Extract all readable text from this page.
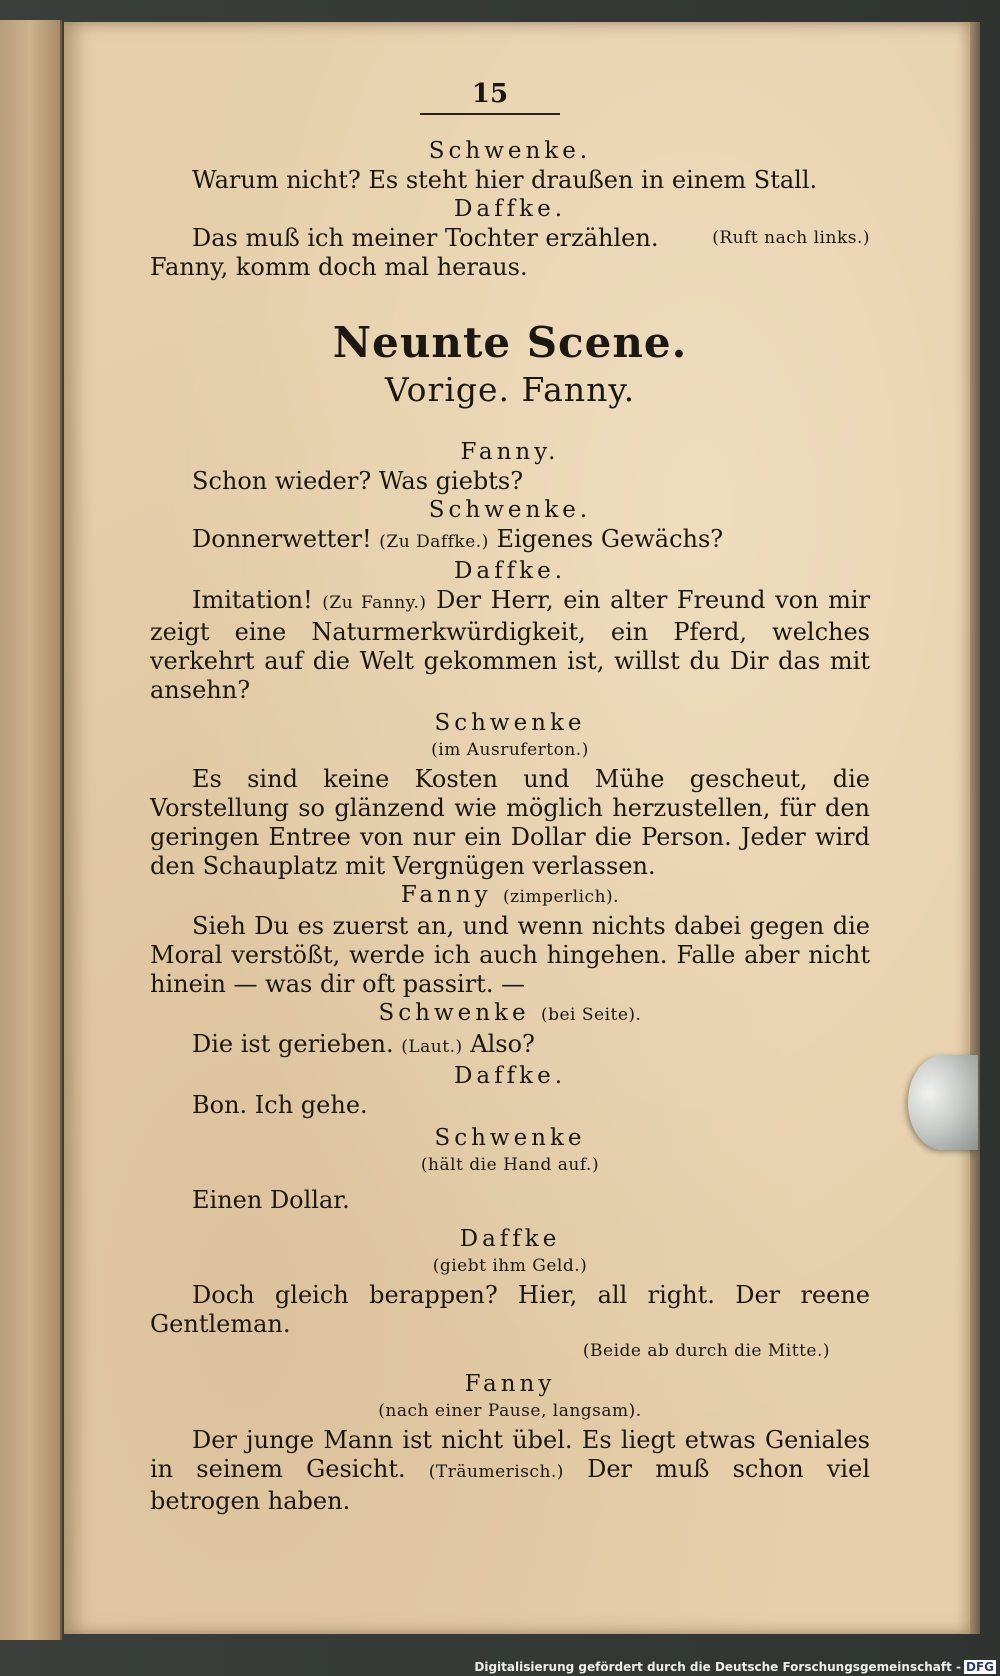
15
Schwenke.
Warum nicht? Es steht hier draußen in einem Stall.
Daffke.
Das muß ich meiner Tochter erzählen.	(Ruft nach links.)
Fanny, komm doch mal heraus.
Neunte Scene.
Vorige. Fanny.
Fanny.
Schon wieder? Was giebts?
Schwenke.
Donnerwetter! (Zu Daffke.) Eigenes Gewächs?
Daffke.
Imitation! (Zu Fanny.) Der Herr, ein alter Freund von mir zeigt eine Naturmerkwürdigkeit, ein Pferd, welches verkehrt auf die Welt gekommen ist, willst du Dir das mit ansehn?
Schwenke
(im Ausruferton.)
Es sind keine Kosten und Mühe gescheut, die Vorstellung so glänzend wie möglich herzustellen, für den geringen Entree von nur ein Dollar die Person. Jeder wird den Schauplatz mit Vergnügen verlassen.
Fanny (zimperlich).
Sieh Du es zuerst an, und wenn nichts dabei gegen die Moral verstößt, werde ich auch hingehen. Falle aber nicht hinein — was dir oft passirt. —
Schwenke (bei Seite).
Die ist gerieben. (Laut.) Also?
Daffke.
Bon. Ich gehe.
Schwenke
(hält die Hand auf.)
Einen Dollar.
Daffke
(giebt ihm Geld.)
Doch gleich berappen? Hier, all right. Der reene Gentleman.
(Beide ab durch die Mitte.)
Fanny
(nach einer Pause, langsam).
Der junge Mann ist nicht übel. Es liegt etwas Geniales in seinem Gesicht. (Träumerisch.) Der muß schon viel betrogen haben.
Digitalisierung gefördert durch die Deutsche Forschungsgemeinschaft - DFG
